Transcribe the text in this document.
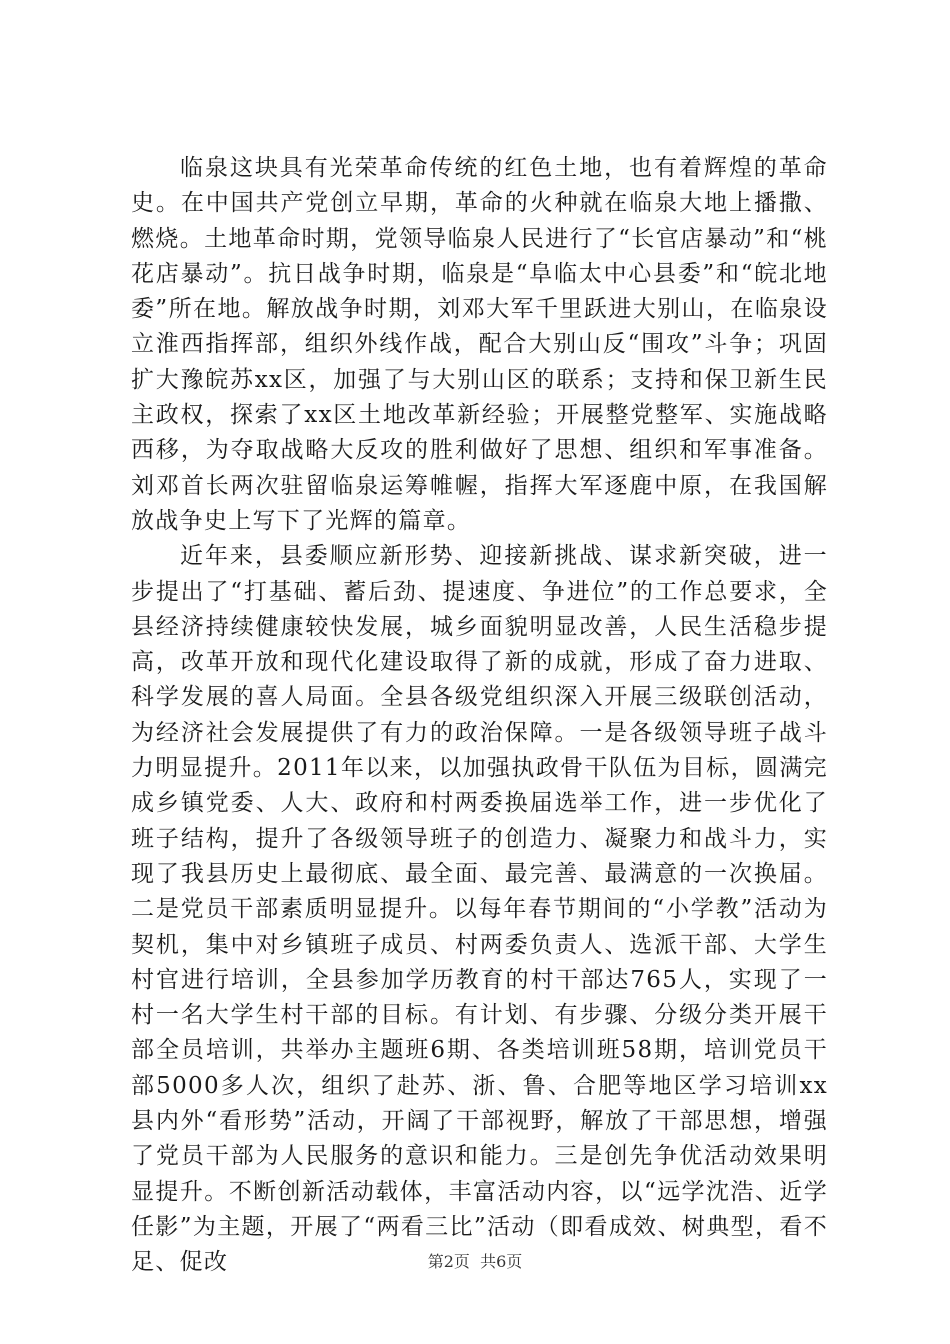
临泉这块具有光荣革命传统的红色土地，也有着辉煌的革命史。在中国共产党创立早期，革命的火种就在临泉大地上播撒、燃烧。土地革命时期，党领导临泉人民进行了“长官店暴动”和“桃花店暴动”。抗日战争时期，临泉是“阜临太中心县委”和“皖北地委”所在地。解放战争时期，刘邓大军千里跃进大别山，在临泉设立淮西指挥部，组织外线作战，配合大别山反“围攻”斗争；巩固扩大豫皖苏xx区，加强了与大别山区的联系；支持和保卫新生民主政权，探索了xx区土地改革新经验；开展整党整军、实施战略西移，为夺取战略大反攻的胜利做好了思想、组织和军事准备。刘邓首长两次驻留临泉运筹帷幄，指挥大军逐鹿中原，在我国解放战争史上写下了光辉的篇章。

近年来，县委顺应新形势、迎接新挑战、谋求新突破，进一步提出了“打基础、蓄后劲、提速度、争进位”的工作总要求，全县经济持续健康较快发展，城乡面貌明显改善，人民生活稳步提高，改革开放和现代化建设取得了新的成就，形成了奋力进取、科学发展的喜人局面。全县各级党组织深入开展三级联创活动，为经济社会发展提供了有力的政治保障。一是各级领导班子战斗力明显提升。2011年以来，以加强执政骨干队伍为目标，圆满完成乡镇党委、人大、政府和村两委换届选举工作，进一步优化了班子结构，提升了各级领导班子的创造力、凝聚力和战斗力，实现了我县历史上最彻底、最全面、最完善、最满意的一次换届。二是党员干部素质明显提升。以每年春节期间的“小学教”活动为契机，集中对乡镇班子成员、村两委负责人、选派干部、大学生村官进行培训，全县参加学历教育的村干部达765人，实现了一村一名大学生村干部的目标。有计划、有步骤、分级分类开展干部全员培训，共举办主题班6期、各类培训班58期，培训党员干部5000多人次，组织了赴苏、浙、鲁、合肥等地区学习培训xx县内外“看形势”活动，开阔了干部视野，解放了干部思想，增强了党员干部为人民服务的意识和能力。三是创先争优活动效果明显提升。不断创新活动载体，丰富活动内容，以“远学沈浩、近学任影”为主题，开展了“两看三比”活动（即看成效、树典型，看不足、促改	第2页  共6页
